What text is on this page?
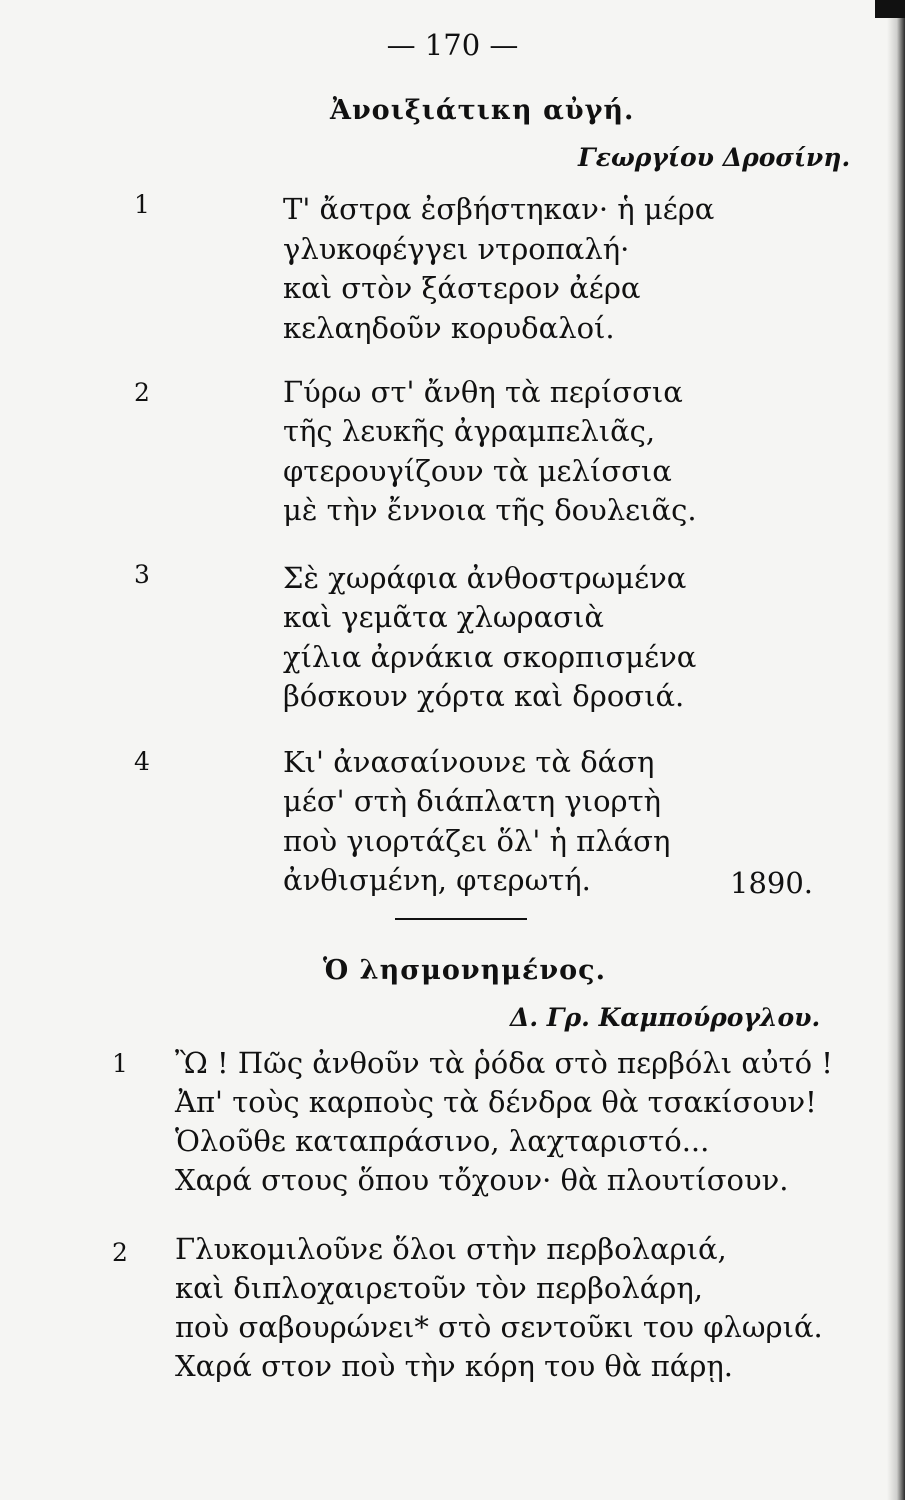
— 170 —
Ἀνοιξιάτικη αὐγή.
Γεωργίου Δροσίνη.
1	Τ' ἄστρα ἐσβήστηκαν· ἡ μέρα
γλυκοφέγγει ντροπαλή·
καὶ στὸν ξάστερον ἀέρα
κελαηδοῦν κορυδαλοί.
2	Γύρω στ' ἄνθη τὰ περίσσια
τῆς λευκῆς ἀγραμπελιᾶς,
φτερουγίζουν τὰ μελίσσια
μὲ τὴν ἔννοια τῆς δουλειᾶς.
3	Σὲ χωράφια ἀνθοστρωμένα
καὶ γεμᾶτα χλωρασιὰ
χίλια ἀρνάκια σκορπισμένα
βόσκουν χόρτα καὶ δροσιά.
4	Κι' ἀνασαίνουνε τὰ δάση
μέσ' στὴ διάπλατη γιορτὴ
ποὺ γιορτάζει ὅλ' ἡ πλάση
ἀνθισμένη, φτερωτή.	1890.
Ὁ λησμονημένος.
Δ. Γρ. Καμπούρογλου.
1 Ὢ ! Πῶς ἀνθοῦν τὰ ῥόδα στὸ περβόλι αὐτό !
Ἀπ' τοὺς καρποὺς τὰ δένδρα θὰ τσακίσουν!
Ὁλοῦθε καταπράσινο, λαχταριστό...
Χαρά στους ὅπου τὄχουν· θὰ πλουτίσουν.
2 Γλυκομιλοῦνε ὅλοι στὴν περβολαριά,
καὶ διπλοχαιρετοῦν τὸν περβολάρη,
ποὺ σαβουρώνει* στὸ σεντοῦκι του φλωριά.
Χαρά στον ποὺ τὴν κόρη του θὰ πάρῃ.
